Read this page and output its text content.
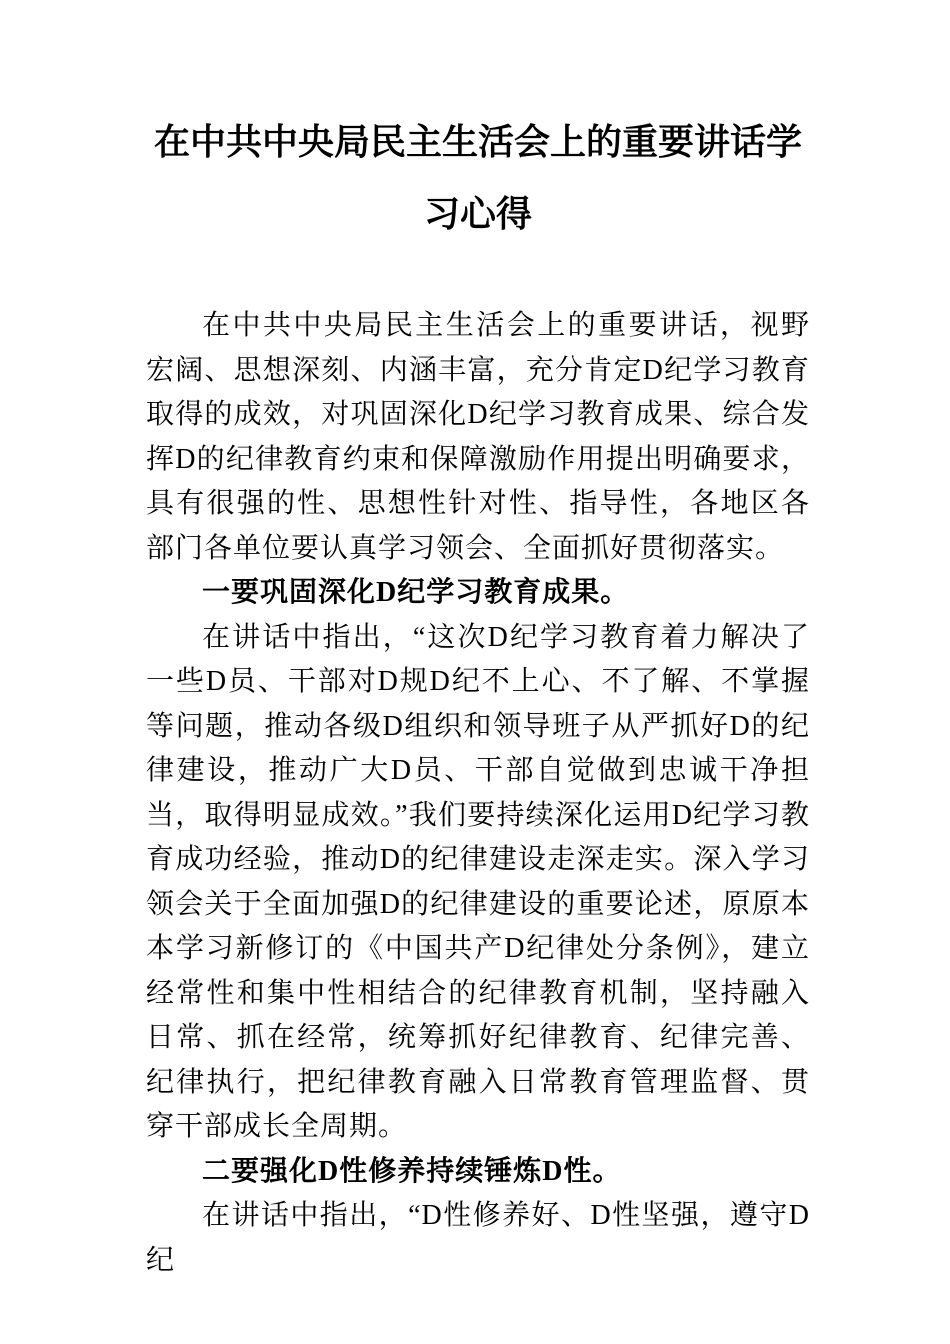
在中共中央局民主生活会上的重要讲话学习心得

在中共中央局民主生活会上的重要讲话，视野宏阔、思想深刻、内涵丰富，充分肯定D纪学习教育取得的成效，对巩固深化D纪学习教育成果、综合发挥D的纪律教育约束和保障激励作用提出明确要求，具有很强的性、思想性针对性、指导性，各地区各部门各单位要认真学习领会、全面抓好贯彻落实。

一要巩固深化D纪学习教育成果。

在讲话中指出，“这次D纪学习教育着力解决了一些D员、干部对D规D纪不上心、不了解、不掌握等问题，推动各级D组织和领导班子从严抓好D的纪律建设，推动广大D员、干部自觉做到忠诚干净担当，取得明显成效。”我们要持续深化运用D纪学习教育成功经验，推动D的纪律建设走深走实。深入学习领会关于全面加强D的纪律建设的重要论述，原原本本学习新修订的《中国共产D纪律处分条例》，建立经常性和集中性相结合的纪律教育机制，坚持融入日常、抓在经常，统筹抓好纪律教育、纪律完善、纪律执行，把纪律教育融入日常教育管理监督、贯穿干部成长全周期。

二要强化D性修养持续锤炼D性。

在讲话中指出，“D性修养好、D性坚强，遵守D纪
